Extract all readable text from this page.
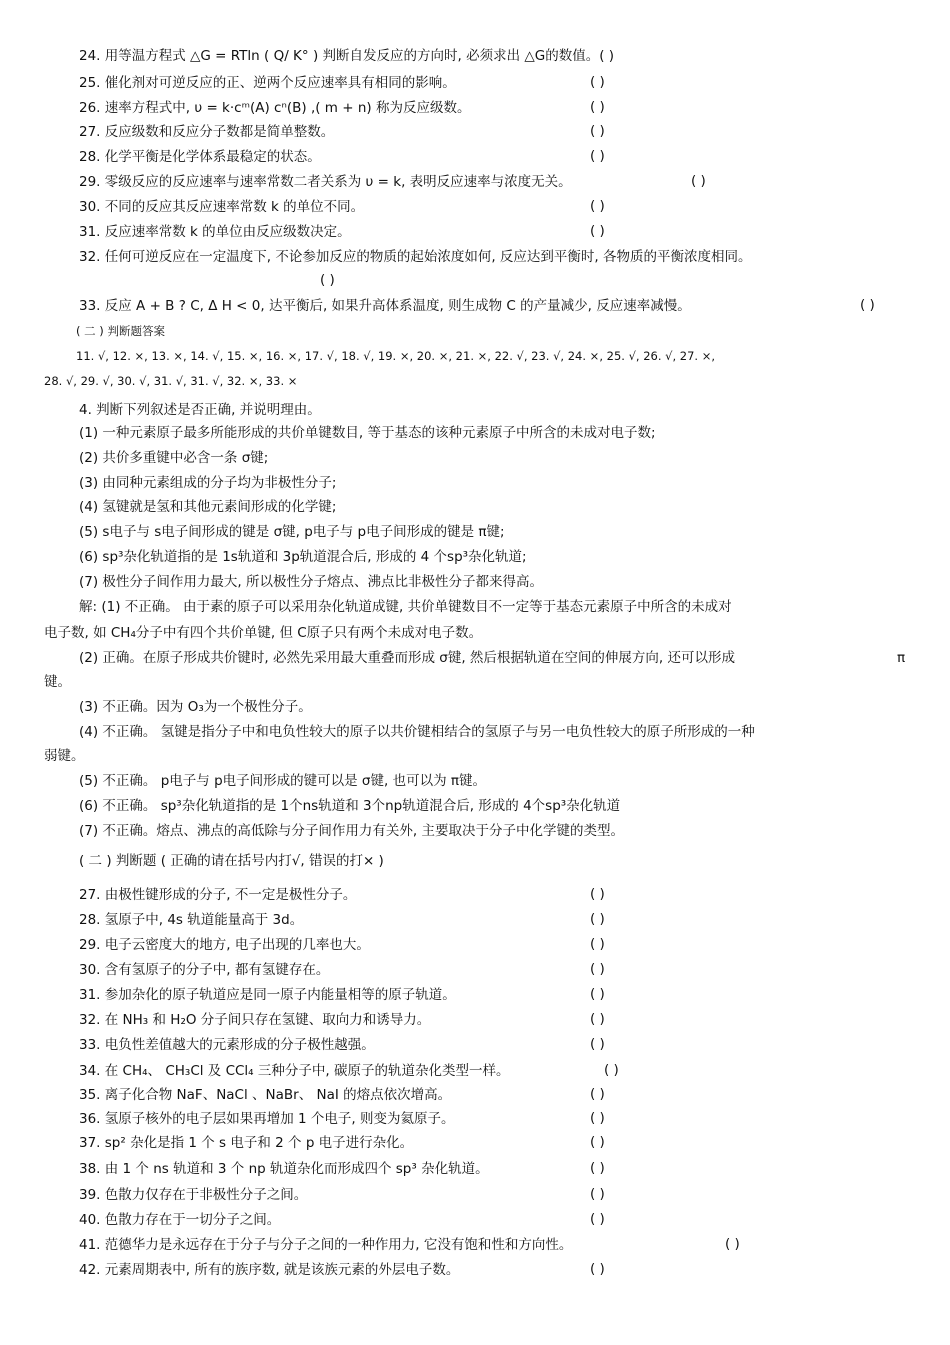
24. 用等温方程式 △G = RTln ( Q/ K° ) 判断自发反应的方向时, 必须求出 △G的数值。( )
25. 催化剂对可逆反应的正、逆两个反应速率具有相同的影响。	( )
26. 速率方程式中, υ = k·cᵐ(A) cⁿ(B) ,( m + n) 称为反应级数。	( )
27. 反应级数和反应分子数都是简单整数。	( )
28. 化学平衡是化学体系最稳定的状态。	( )
29. 零级反应的反应速率与速率常数二者关系为 υ = k, 表明反应速率与浓度无关。	( )
30. 不同的反应其反应速率常数 k 的单位不同。	( )
31. 反应速率常数 k 的单位由反应级数决定。	( )
32. 任何可逆反应在一定温度下, 不论参加反应的物质的起始浓度如何, 反应达到平衡时, 各物质的平衡浓度相同。
( )
33. 反应 A + B ? C, Δ H < 0, 达平衡后, 如果升高体系温度, 则生成物 C 的产量减少, 反应速率减慢。	( )
( 二 ) 判断题答案
11. √, 12. ×, 13. ×, 14. √, 15. ×, 16. ×, 17. √, 18. √, 19. ×, 20. ×, 21. ×, 22. √, 23. √, 24. ×, 25. √, 26. √, 27. ×,
28. √, 29. √, 30. √, 31. √, 31. √, 32. ×, 33. ×
4. 判断下列叙述是否正确, 并说明理由。
(1) 一种元素原子最多所能形成的共价单键数目, 等于基态的该种元素原子中所含的未成对电子数;
(2) 共价多重键中必含一条 σ键;
(3) 由同种元素组成的分子均为非极性分子;
(4) 氢键就是氢和其他元素间形成的化学键;
(5) s电子与 s电子间形成的键是 σ键, p电子与 p电子间形成的键是 π键;
(6) sp³杂化轨道指的是 1s轨道和 3p轨道混合后, 形成的 4 个sp³杂化轨道;
(7) 极性分子间作用力最大, 所以极性分子熔点、沸点比非极性分子都来得高。
解: (1) 不正确。 由于素的原子可以采用杂化轨道成键, 共价单键数目不一定等于基态元素原子中所含的未成对
电子数, 如 CH₄分子中有四个共价单键, 但 C原子只有两个未成对电子数。
(2) 正确。在原子形成共价键时, 必然先采用最大重叠而形成 σ键, 然后根据轨道在空间的伸展方向, 还可以形成	π
键。
(3) 不正确。因为 O₃为一个极性分子。
(4) 不正确。 氢键是指分子中和电负性较大的原子以共价键相结合的氢原子与另一电负性较大的原子所形成的一种
弱键。
(5) 不正确。 p电子与 p电子间形成的键可以是 σ键, 也可以为 π键。
(6) 不正确。 sp³杂化轨道指的是 1个ns轨道和 3个np轨道混合后, 形成的 4个sp³杂化轨道
(7) 不正确。熔点、沸点的高低除与分子间作用力有关外, 主要取决于分子中化学键的类型。
( 二 ) 判断题 ( 正确的请在括号内打√, 错误的打× )
27. 由极性键形成的分子, 不一定是极性分子。	( )
28. 氢原子中, 4s 轨道能量高于 3d。	( )
29. 电子云密度大的地方, 电子出现的几率也大。	( )
30. 含有氢原子的分子中, 都有氢键存在。	( )
31. 参加杂化的原子轨道应是同一原子内能量相等的原子轨道。	( )
32. 在 NH₃ 和 H₂O 分子间只存在氢键、取向力和诱导力。	( )
33. 电负性差值越大的元素形成的分子极性越强。	( )
34. 在 CH₄、 CH₃Cl 及 CCl₄ 三种分子中, 碳原子的轨道杂化类型一样。	( )
35. 离子化合物 NaF、NaCl 、NaBr、 NaI 的熔点依次增高。	( )
36. 氢原子核外的电子层如果再增加 1 个电子, 则变为氦原子。	( )
37. sp² 杂化是指 1 个 s 电子和 2 个 p 电子进行杂化。	( )
38. 由 1 个 ns 轨道和 3 个 np 轨道杂化而形成四个 sp³ 杂化轨道。	( )
39. 色散力仅存在于非极性分子之间。	( )
40. 色散力存在于一切分子之间。	( )
41. 范德华力是永远存在于分子与分子之间的一种作用力, 它没有饱和性和方向性。	( )
42. 元素周期表中, 所有的族序数, 就是该族元素的外层电子数。	( )
